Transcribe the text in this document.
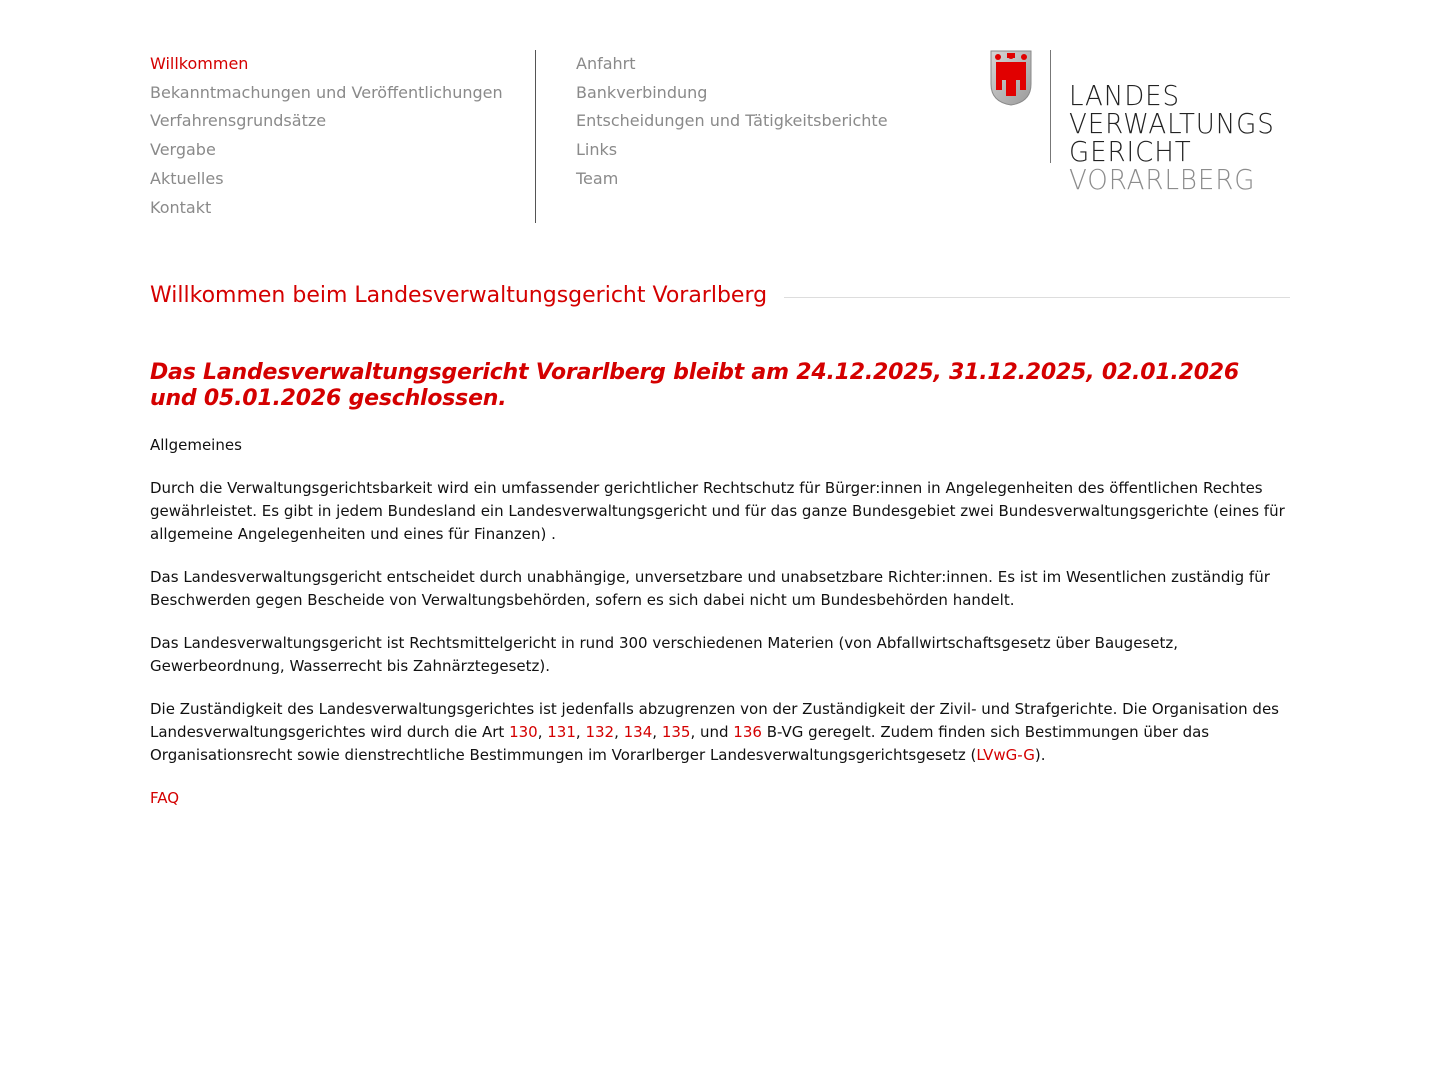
Willkommen
Bekanntmachungen und Veröffentlichungen
Verfahrensgrundsätze
Vergabe
Aktuelles
Kontakt
Anfahrt
Bankverbindung
Entscheidungen und Tätigkeitsberichte
Links
Team
LANDES
VERWALTUNGS
GERICHT
VORARLBERG
Willkommen beim Landesverwaltungsgericht Vorarlberg
Das Landesverwaltungsgericht Vorarlberg bleibt am 24.12.2025, 31.12.2025, 02.01.2026 und 05.01.2026 geschlossen.

Allgemeines

Durch die Verwaltungsgerichtsbarkeit wird ein umfassender gerichtlicher Rechtschutz für Bürger:innen in Angelegenheiten des öffentlichen Rechtes gewährleistet. Es gibt in jedem Bundesland ein Landesverwaltungsgericht und für das ganze Bundesgebiet zwei Bundesverwaltungsgerichte (eines für allgemeine Angelegenheiten und eines für Finanzen) .

Das Landesverwaltungsgericht entscheidet durch unabhängige, unversetzbare und unabsetzbare Richter:innen. Es ist im Wesentlichen zuständig für Beschwerden gegen Bescheide von Verwaltungsbehörden, sofern es sich dabei nicht um Bundesbehörden handelt.

Das Landesverwaltungsgericht ist Rechtsmittelgericht in rund 300 verschiedenen Materien (von Abfallwirtschaftsgesetz über Baugesetz, Gewerbeordnung, Wasserrecht bis Zahnärztegesetz).

Die Zuständigkeit des Landesverwaltungsgerichtes ist jedenfalls abzugrenzen von der Zuständigkeit der Zivil- und Strafgerichte. Die Organisation des Landesverwaltungsgerichtes wird durch die Art 130, 131, 132, 134, 135, und 136 B-VG geregelt. Zudem finden sich Bestimmungen über das Organisationsrecht sowie dienstrechtliche Bestimmungen im Vorarlberger Landesverwaltungsgerichtsgesetz (LVwG-G).

FAQ
